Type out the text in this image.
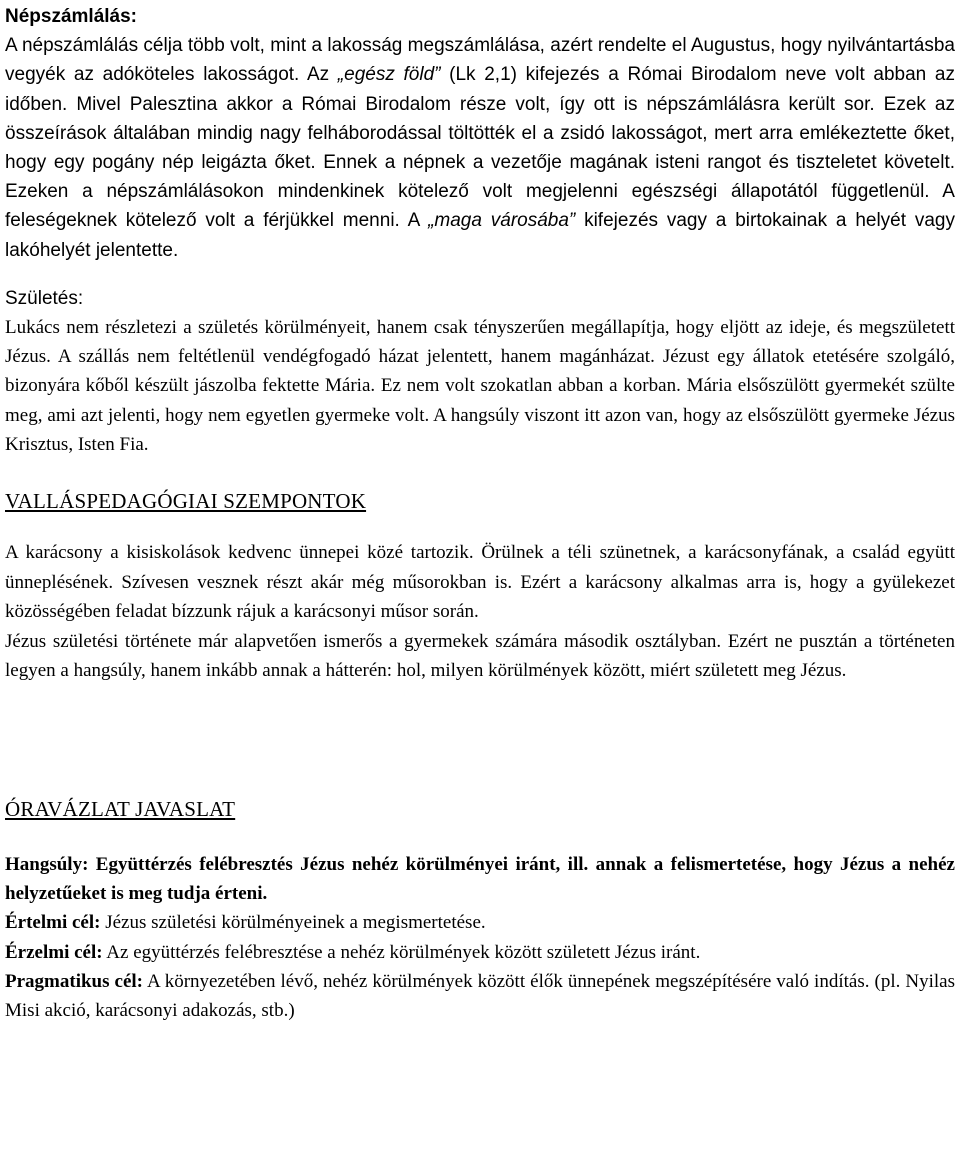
Népszámlálás:

A népszámlálás célja több volt, mint a lakosság megszámlálása, azért rendelte el Augustus, hogy nyilvántartásba vegyék az adóköteles lakosságot. Az „egész föld” (Lk 2,1) kifejezés a Római Birodalom neve volt abban az időben. Mivel Palesztina akkor a Római Birodalom része volt, így ott is népszámlálásra került sor. Ezek az összeírások általában mindig nagy felháborodással töltötték el a zsidó lakosságot, mert arra emlékeztette őket, hogy egy pogány nép leigázta őket. Ennek a népnek a vezetője magának isteni rangot és tiszteletet követelt. Ezeken a népszámlálásokon mindenkinek kötelező volt megjelenni egészségi állapotától függetlenül. A feleségeknek kötelező volt a férjükkel menni. A „maga városába” kifejezés vagy a birtokainak a helyét vagy lakóhelyét jelentette.

Születés:

Lukács nem részletezi a születés körülményeit, hanem csak tényszerűen megállapítja, hogy eljött az ideje, és megszületett Jézus. A szállás nem feltétlenül vendégfogadó házat jelentett, hanem magánházat. Jézust egy állatok etetésére szolgáló, bizonyára kőből készült jászolba fektette Mária. Ez nem volt szokatlan abban a korban. Mária elsőszülött gyermekét szülte meg, ami azt jelenti, hogy nem egyetlen gyermeke volt. A hangsúly viszont itt azon van, hogy az elsőszülött gyermeke Jézus Krisztus, Isten Fia.

VALLÁSPEDAGÓGIAI SZEMPONTOK

A karácsony a kisiskolások kedvenc ünnepei közé tartozik. Örülnek a téli szünetnek, a karácsonyfának, a család együtt ünneplésének. Szívesen vesznek részt akár még műsorokban is. Ezért a karácsony alkalmas arra is, hogy a gyülekezet közösségében feladat bízzunk rájuk a karácsonyi műsor során.

Jézus születési története már alapvetően ismerős a gyermekek számára második osztályban. Ezért ne pusztán a történeten legyen a hangsúly, hanem inkább annak a hátterén: hol, milyen körülmények között, miért született meg Jézus.

ÓRAVÁZLAT JAVASLAT

Hangsúly: Együttérzés felébresztés Jézus nehéz körülményei iránt, ill. annak a felismertetése, hogy Jézus a nehéz helyzetűeket is meg tudja érteni.

Értelmi cél: Jézus születési körülményeinek a megismertetése.

Érzelmi cél: Az együttérzés felébresztése a nehéz körülmények között született Jézus iránt.

Pragmatikus cél: A környezetében lévő, nehéz körülmények között élők ünnepének megszépítésére való indítás. (pl. Nyilas Misi akció, karácsonyi adakozás, stb.)
